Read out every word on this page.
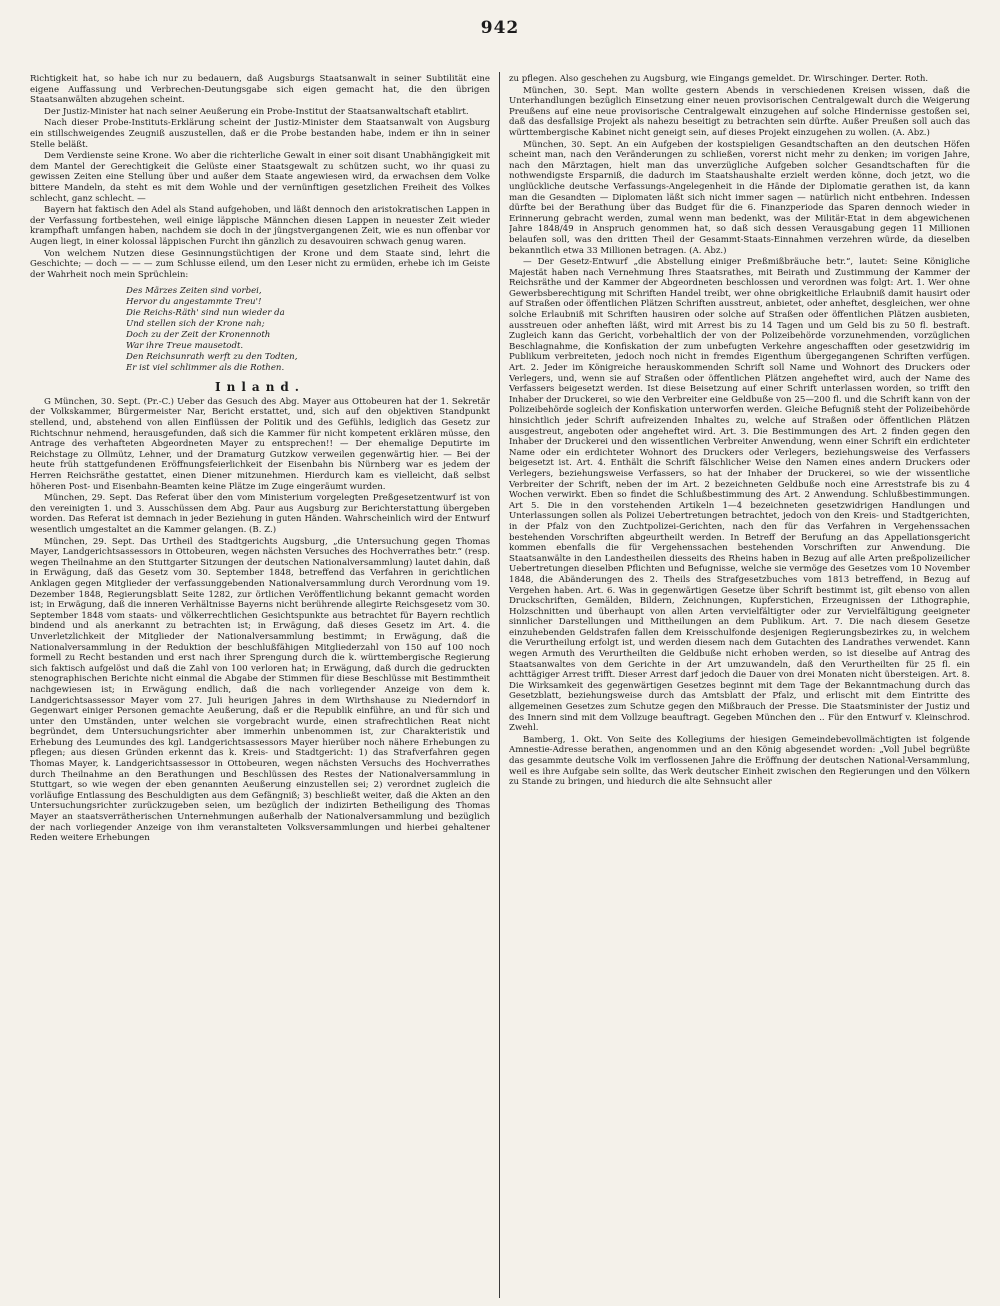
942

Richtigkeit hat, so habe ich nur zu bedauern, daß Augsburgs Staatsanwalt in seiner Subtilität eine eigene Auffassung und Verbrechen-Deutungsgabe sich eigen gemacht hat, die den übrigen Staatsanwälten abzugehen scheint.

Der Justiz-Minister hat nach seiner Aeußerung ein Probe-Institut der Staatsanwaltschaft etablirt.

Nach dieser Probe-Instituts-Erklärung scheint der Justiz-Minister dem Staatsanwalt von Augsburg ein stillschweigendes Zeugniß auszustellen, daß er die Probe bestanden habe, indem er ihn in seiner Stelle beläßt.

Dem Verdienste seine Krone. Wo aber die richterliche Gewalt in einer soit disant Unabhängigkeit mit dem Mantel der Gerechtigkeit die Gelüste einer Staatsgewalt zu schützen sucht, wo ihr quasi zu gewissen Zeiten eine Stellung über und außer dem Staate angewiesen wird, da erwachsen dem Volke bittere Mandeln, da steht es mit dem Wohle und der vernünftigen gesetzlichen Freiheit des Volkes schlecht, ganz schlecht. —

Bayern hat faktisch den Adel als Stand aufgehoben, und läßt dennoch den aristokratischen Lappen in der Verfassung fortbestehen, weil einige läppische Männchen diesen Lappen in neuester Zeit wieder krampfhaft umfangen haben, nachdem sie doch in der jüngstvergangenen Zeit, wie es nun offenbar vor Augen liegt, in einer kolossal läppischen Furcht ihn gänzlich zu desavouiren schwach genug waren.

Von welchem Nutzen diese Gesinnungstüchtigen der Krone und dem Staate sind, lehrt die Geschichte; — doch — — — zum Schlusse eilend, um den Leser nicht zu ermüden, erhebe ich im Geiste der Wahrheit noch mein Sprüchlein:

Des Märzes Zeiten sind vorbei,
Hervor du angestammte Treu'!
Die Reichs-Räth' sind nun wieder da
Und stellen sich der Krone nah;
Doch zu der Zeit der Kronennoth
War ihre Treue mausetodt.
Den Reichsunrath werft zu den Todten,
Er ist viel schlimmer als die Rothen.
Inland.

G München, 30. Sept. (Pr.-C.) Ueber das Gesuch des Abg. Mayer aus Ottobeuren hat der 1. Sekretär der Volkskammer, Bürgermeister Nar, Bericht erstattet, und, sich auf den objektiven Standpunkt stellend, und, abstehend von allen Einflüssen der Politik und des Gefühls, lediglich das Gesetz zur Richtschnur nehmend, herausgefunden, daß sich die Kammer für nicht kompetent erklären müsse, den Antrage des verhafteten Abgeordneten Mayer zu entsprechen!! — Der ehemalige Deputirte im Reichstage zu Ollmütz, Lehner, und der Dramaturg Gutzkow verweilen gegenwärtig hier. — Bei der heute früh stattgefundenen Eröffnungsfeierlichkeit der Eisenbahn bis Nürnberg war es jedem der Herren Reichsräthe gestattet, einen Diener mitzunehmen. Hierdurch kam es vielleicht, daß selbst höheren Post- und Eisenbahn-Beamten keine Plätze im Zuge eingeräumt wurden.

München, 29. Sept. Das Referat über den vom Ministerium vorgelegten Preßgesetzentwurf ist von den vereinigten 1. und 3. Ausschüssen dem Abg. Paur aus Augsburg zur Berichterstattung übergeben worden. Das Referat ist demnach in jeder Beziehung in guten Händen. Wahrscheinlich wird der Entwurf wesentlich umgestaltet an die Kammer gelangen. (B. Z.)

München, 29. Sept. Das Urtheil des Stadtgerichts Augsburg, „die Untersuchung gegen Thomas Mayer, Landgerichtsassessors in Ottobeuren, wegen nächsten Versuches des Hochverrathes betr.“ (resp. wegen Theilnahme an den Stuttgarter Sitzungen der deutschen Nationalversammlung) lautet dahin, daß in Erwägung, daß das Gesetz vom 30. September 1848, betreffend das Verfahren in gerichtlichen Anklagen gegen Mitglieder der verfassunggebenden Nationalversammlung durch Verordnung vom 19. Dezember 1848, Regierungsblatt Seite 1282, zur örtlichen Veröffentlichung bekannt gemacht worden ist; in Erwägung, daß die inneren Verhältnisse Bayerns nicht berührende allegirte Reichsgesetz vom 30. September 1848 vom staats- und völkerrechtlichen Gesichtspunkte aus betrachtet für Bayern rechtlich bindend und als anerkannt zu betrachten ist; in Erwägung, daß dieses Gesetz im Art. 4. die Unverletzlichkeit der Mitglieder der Nationalversammlung bestimmt; in Erwägung, daß die Nationalversammlung in der Reduktion der beschlußfähigen Mitgliederzahl von 150 auf 100 noch formell zu Recht bestanden und erst nach ihrer Sprengung durch die k. württembergische Regierung sich faktisch aufgelöst und daß die Zahl von 100 verloren hat; in Erwägung, daß durch die gedruckten stenographischen Berichte nicht einmal die Abgabe der Stimmen für diese Beschlüsse mit Bestimmtheit nachgewiesen ist; in Erwägung endlich, daß die nach vorliegender Anzeige von dem k. Landgerichtsassessor Mayer vom 27. Juli heurigen Jahres in dem Wirthshause zu Niederndorf in Gegenwart einiger Personen gemachte Aeußerung, daß er die Republik einführe, an und für sich und unter den Umständen, unter welchen sie vorgebracht wurde, einen strafrechtlichen Reat nicht begründet, dem Untersuchungsrichter aber immerhin unbenommen ist, zur Charakteristik und Erhebung des Leumundes des kgl. Landgerichtsassessors Mayer hierüber noch nähere Erhebungen zu pflegen; aus diesen Gründen erkennt das k. Kreis- und Stadtgericht: 1) das Strafverfahren gegen Thomas Mayer, k. Landgerichtsassessor in Ottobeuren, wegen nächsten Versuchs des Hochverrathes durch Theilnahme an den Berathungen und Beschlüssen des Restes der Nationalversammlung in Stuttgart, so wie wegen der eben genannten Aeußerung einzustellen sei; 2) verordnet zugleich die vorläufige Entlassung des Beschuldigten aus dem Gefängniß; 3) beschließt weiter, daß die Akten an den Untersuchungsrichter zurückzugeben seien, um bezüglich der indizirten Betheiligung des Thomas Mayer an staatsverrätherischen Unternehmungen außerhalb der Nationalversammlung und bezüglich der nach vorliegender Anzeige von ihm veranstalteten Volksversammlungen und hierbei gehaltener Reden weitere Erhebungen

zu pflegen. Also geschehen zu Augsburg, wie Eingangs gemeldet. Dr. Wirschinger. Derter. Roth.

München, 30. Sept. Man wollte gestern Abends in verschiedenen Kreisen wissen, daß die Unterhandlungen bezüglich Einsetzung einer neuen provisorischen Centralgewalt durch die Weigerung Preußens auf eine neue provisorische Centralgewalt einzugehen auf solche Hindernisse gestoßen sei, daß das desfallsige Projekt als nahezu beseitigt zu betrachten sein dürfte. Außer Preußen soll auch das württembergische Kabinet nicht geneigt sein, auf dieses Projekt einzugehen zu wollen. (A. Abz.)

München, 30. Sept. An ein Aufgeben der kostspieligen Gesandtschaften an den deutschen Höfen scheint man, nach den Veränderungen zu schließen, vorerst nicht mehr zu denken; im vorigen Jahre, nach den Märztagen, hielt man das unverzügliche Aufgeben solcher Gesandtschaften für die nothwendigste Ersparniß, die dadurch im Staatshaushalte erzielt werden könne, doch jetzt, wo die unglückliche deutsche Verfassungs-Angelegenheit in die Hände der Diplomatie gerathen ist, da kann man die Gesandten — Diplomaten läßt sich nicht immer sagen — natürlich nicht entbehren. Indessen dürfte bei der Berathung über das Budget für die 6. Finanzperiode das Sparen dennoch wieder in Erinnerung gebracht werden, zumal wenn man bedenkt, was der Militär-Etat in dem abgewichenen Jahre 1848/49 in Anspruch genommen hat, so daß sich dessen Verausgabung gegen 11 Millionen belaufen soll, was den dritten Theil der Gesammt-Staats-Einnahmen verzehren würde, da dieselben bekanntlich etwa 33 Millionen betragen. (A. Abz.)

— Der Gesetz-Entwurf „die Abstellung einiger Preßmißbräuche betr.“, lautet: Seine Königliche Majestät haben nach Vernehmung Ihres Staatsrathes, mit Beirath und Zustimmung der Kammer der Reichsräthe und der Kammer der Abgeordneten beschlossen und verordnen was folgt: Art. 1. Wer ohne Gewerbsberechtigung mit Schriften Handel treibt, wer ohne obrigkeitliche Erlaubniß damit hausirt oder auf Straßen oder öffentlichen Plätzen Schriften ausstreut, anbietet, oder anheftet, desgleichen, wer ohne solche Erlaubniß mit Schriften hausiren oder solche auf Straßen oder öffentlichen Plätzen ausbieten, ausstreuen oder anheften läßt, wird mit Arrest bis zu 14 Tagen und um Geld bis zu 50 fl. bestraft. Zugleich kann das Gericht, vorbehaltlich der von der Polizeibehörde vorzunehmenden, vorzüglichen Beschlagnahme, die Konfiskation der zum unbefugten Verkehre angeschafften oder gesetzwidrig im Publikum verbreiteten, jedoch noch nicht in fremdes Eigenthum übergegangenen Schriften verfügen. Art. 2. Jeder im Königreiche herauskommenden Schrift soll Name und Wohnort des Druckers oder Verlegers, und, wenn sie auf Straßen oder öffentlichen Plätzen angeheftet wird, auch der Name des Verfassers beigesetzt werden. Ist diese Beisetzung auf einer Schrift unterlassen worden, so trifft den Inhaber der Druckerei, so wie den Verbreiter eine Geldbuße von 25—200 fl. und die Schrift kann von der Polizeibehörde sogleich der Konfiskation unterworfen werden. Gleiche Befugniß steht der Polizeibehörde hinsichtlich jeder Schrift aufreizenden Inhaltes zu, welche auf Straßen oder öffentlichen Plätzen ausgestreut, angeboten oder angeheftet wird. Art. 3. Die Bestimmungen des Art. 2 finden gegen den Inhaber der Druckerei und den wissentlichen Verbreiter Anwendung, wenn einer Schrift ein erdichteter Name oder ein erdichteter Wohnort des Druckers oder Verlegers, beziehungsweise des Verfassers beigesetzt ist. Art. 4. Enthält die Schrift fälschlicher Weise den Namen eines andern Druckers oder Verlegers, beziehungsweise Verfassers, so hat der Inhaber der Druckerei, so wie der wissentliche Verbreiter der Schrift, neben der im Art. 2 bezeichneten Geldbuße noch eine Arreststrafe bis zu 4 Wochen verwirkt. Eben so findet die Schlußbestimmung des Art. 2 Anwendung. Schlußbestimmungen. Art 5. Die in den vorstehenden Artikeln 1—4 bezeichneten gesetzwidrigen Handlungen und Unterlassungen sollen als Polizei Uebertretungen betrachtet, jedoch von den Kreis- und Stadtgerichten, in der Pfalz von den Zuchtpolizei-Gerichten, nach den für das Verfahren in Vergehenssachen bestehenden Vorschriften abgeurtheilt werden. In Betreff der Berufung an das Appellationsgericht kommen ebenfalls die für Vergehenssachen bestehenden Vorschriften zur Anwendung. Die Staatsanwälte in den Landestheilen diesseits des Rheins haben in Bezug auf alle Arten preßpolizeilicher Uebertretungen dieselben Pflichten und Befugnisse, welche sie vermöge des Gesetzes vom 10 November 1848, die Abänderungen des 2. Theils des Strafgesetzbuches vom 1813 betreffend, in Bezug auf Vergehen haben. Art. 6. Was in gegenwärtigen Gesetze über Schrift bestimmt ist, gilt ebenso von allen Druckschriften, Gemälden, Bildern, Zeichnungen, Kupferstichen, Erzeugnissen der Lithographie, Holzschnitten und überhaupt von allen Arten vervielfältigter oder zur Vervielfältigung geeigneter sinnlicher Darstellungen und Mittheilungen an dem Publikum. Art. 7. Die nach diesem Gesetze einzuhebenden Geldstrafen fallen dem Kreisschulfonde desjenigen Regierungsbezirkes zu, in welchem die Verurtheilung erfolgt ist, und werden diesem nach dem Gutachten des Landrathes verwendet. Kann wegen Armuth des Verurtheilten die Geldbuße nicht erhoben werden, so ist dieselbe auf Antrag des Staatsanwaltes von dem Gerichte in der Art umzuwandeln, daß den Verurtheilten für 25 fl. ein achttägiger Arrest trifft. Dieser Arrest darf jedoch die Dauer von drei Monaten nicht übersteigen. Art. 8. Die Wirksamkeit des gegenwärtigen Gesetzes beginnt mit dem Tage der Bekanntmachung durch das Gesetzblatt, beziehungsweise durch das Amtsblatt der Pfalz, und erlischt mit dem Eintritte des allgemeinen Gesetzes zum Schutze gegen den Mißbrauch der Presse. Die Staatsminister der Justiz und des Innern sind mit dem Vollzuge beauftragt. Gegeben München den .. Für den Entwurf v. Kleinschrod. Zwehl.

Bamberg, 1. Okt. Von Seite des Kollegiums der hiesigen Gemeindebevollmächtigten ist folgende Amnestie-Adresse berathen, angenommen und an den König abgesendet worden: „Voll Jubel begrüßte das gesammte deutsche Volk im verflossenen Jahre die Eröffnung der deutschen National-Versammlung, weil es ihre Aufgabe sein sollte, das Werk deutscher Einheit zwischen den Regierungen und den Völkern zu Stande zu bringen, und hiedurch die alte Sehnsucht aller
